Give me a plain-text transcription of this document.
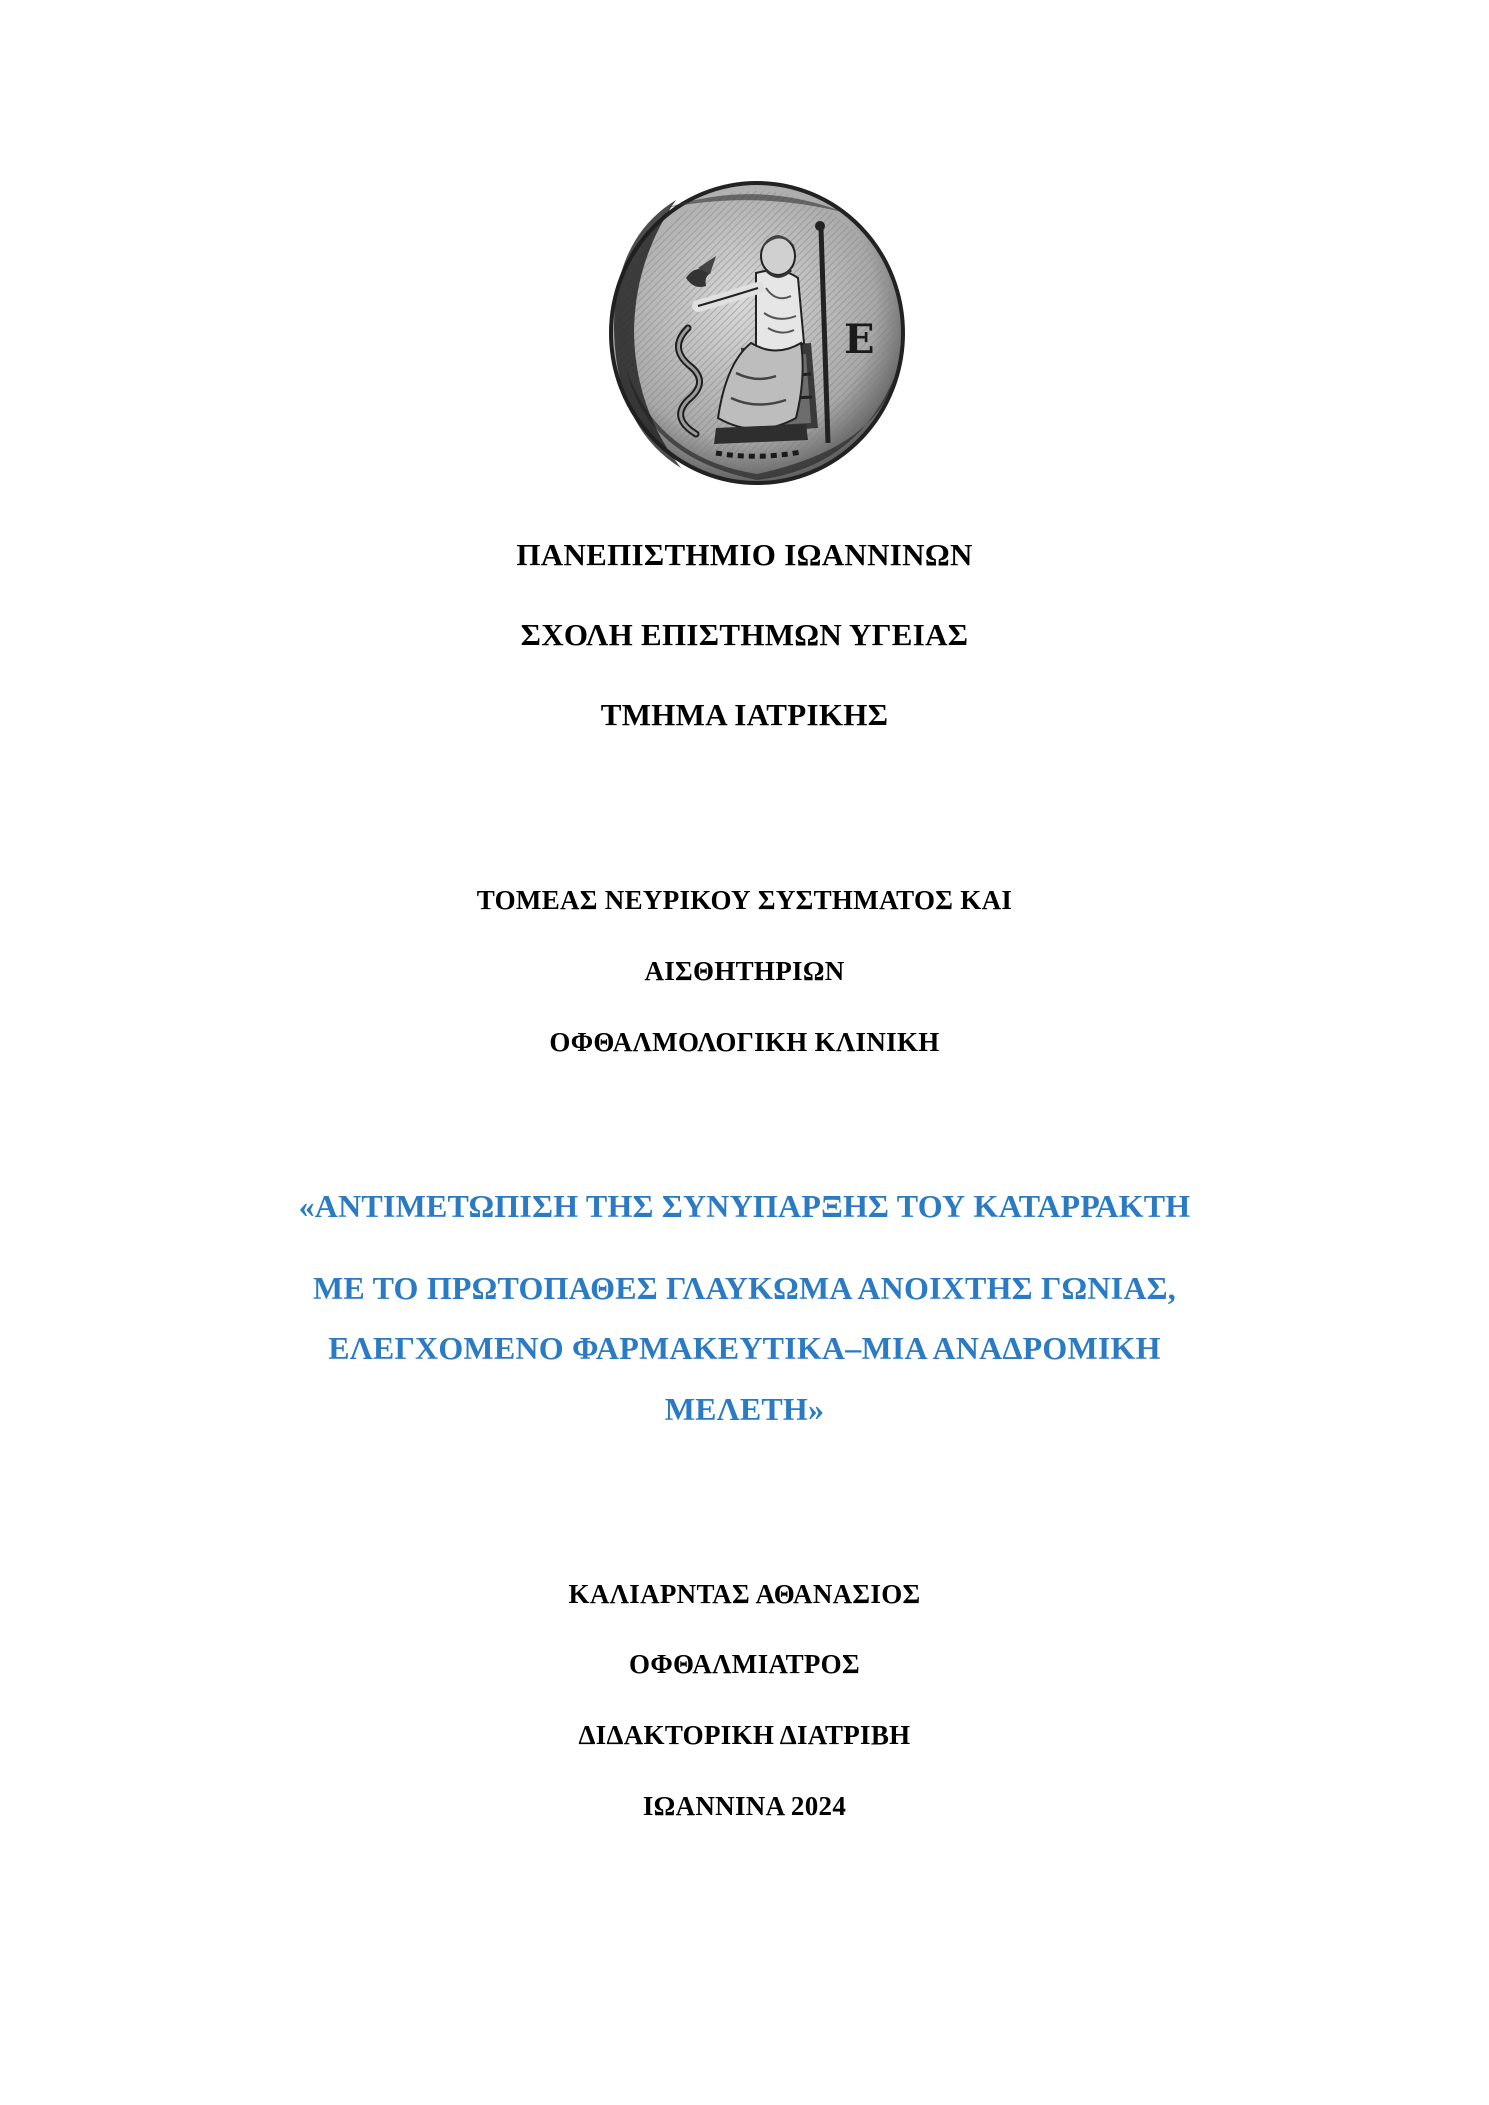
Ε
ΠΑΝΕΠΙΣΤΗΜΙΟ ΙΩΑΝΝΙΝΩΝ
ΣΧΟΛΗ ΕΠΙΣΤΗΜΩΝ ΥΓΕΙΑΣ
ΤΜΗΜΑ ΙΑΤΡΙΚΗΣ
ΤΟΜΕΑΣ ΝΕΥΡΙΚΟΥ ΣΥΣΤΗΜΑΤΟΣ ΚΑΙ
ΑΙΣΘΗΤΗΡΙΩΝ
ΟΦΘΑΛΜΟΛΟΓΙΚΗ ΚΛΙΝΙΚΗ
«ΑΝΤΙΜΕΤΩΠΙΣΗ ΤΗΣ ΣΥΝΥΠΑΡΞΗΣ ΤΟΥ ΚΑΤΑΡΡΑΚΤΗ
ΜΕ ΤΟ ΠΡΩΤΟΠΑΘΕΣ ΓΛΑΥΚΩΜΑ ΑΝΟΙΧΤΗΣ ΓΩΝΙΑΣ,
ΕΛΕΓΧΟΜΕΝΟ ΦΑΡΜΑΚΕΥΤΙΚΑ–ΜΙΑ ΑΝΑΔΡΟΜΙΚΗ
ΜΕΛΕΤΗ»
ΚΑΛΙΑΡΝΤΑΣ ΑΘΑΝΑΣΙΟΣ
ΟΦΘΑΛΜΙΑΤΡΟΣ
ΔΙΔΑΚΤΟΡΙΚΗ ΔΙΑΤΡΙΒΗ
ΙΩΑΝΝΙΝΑ 2024
